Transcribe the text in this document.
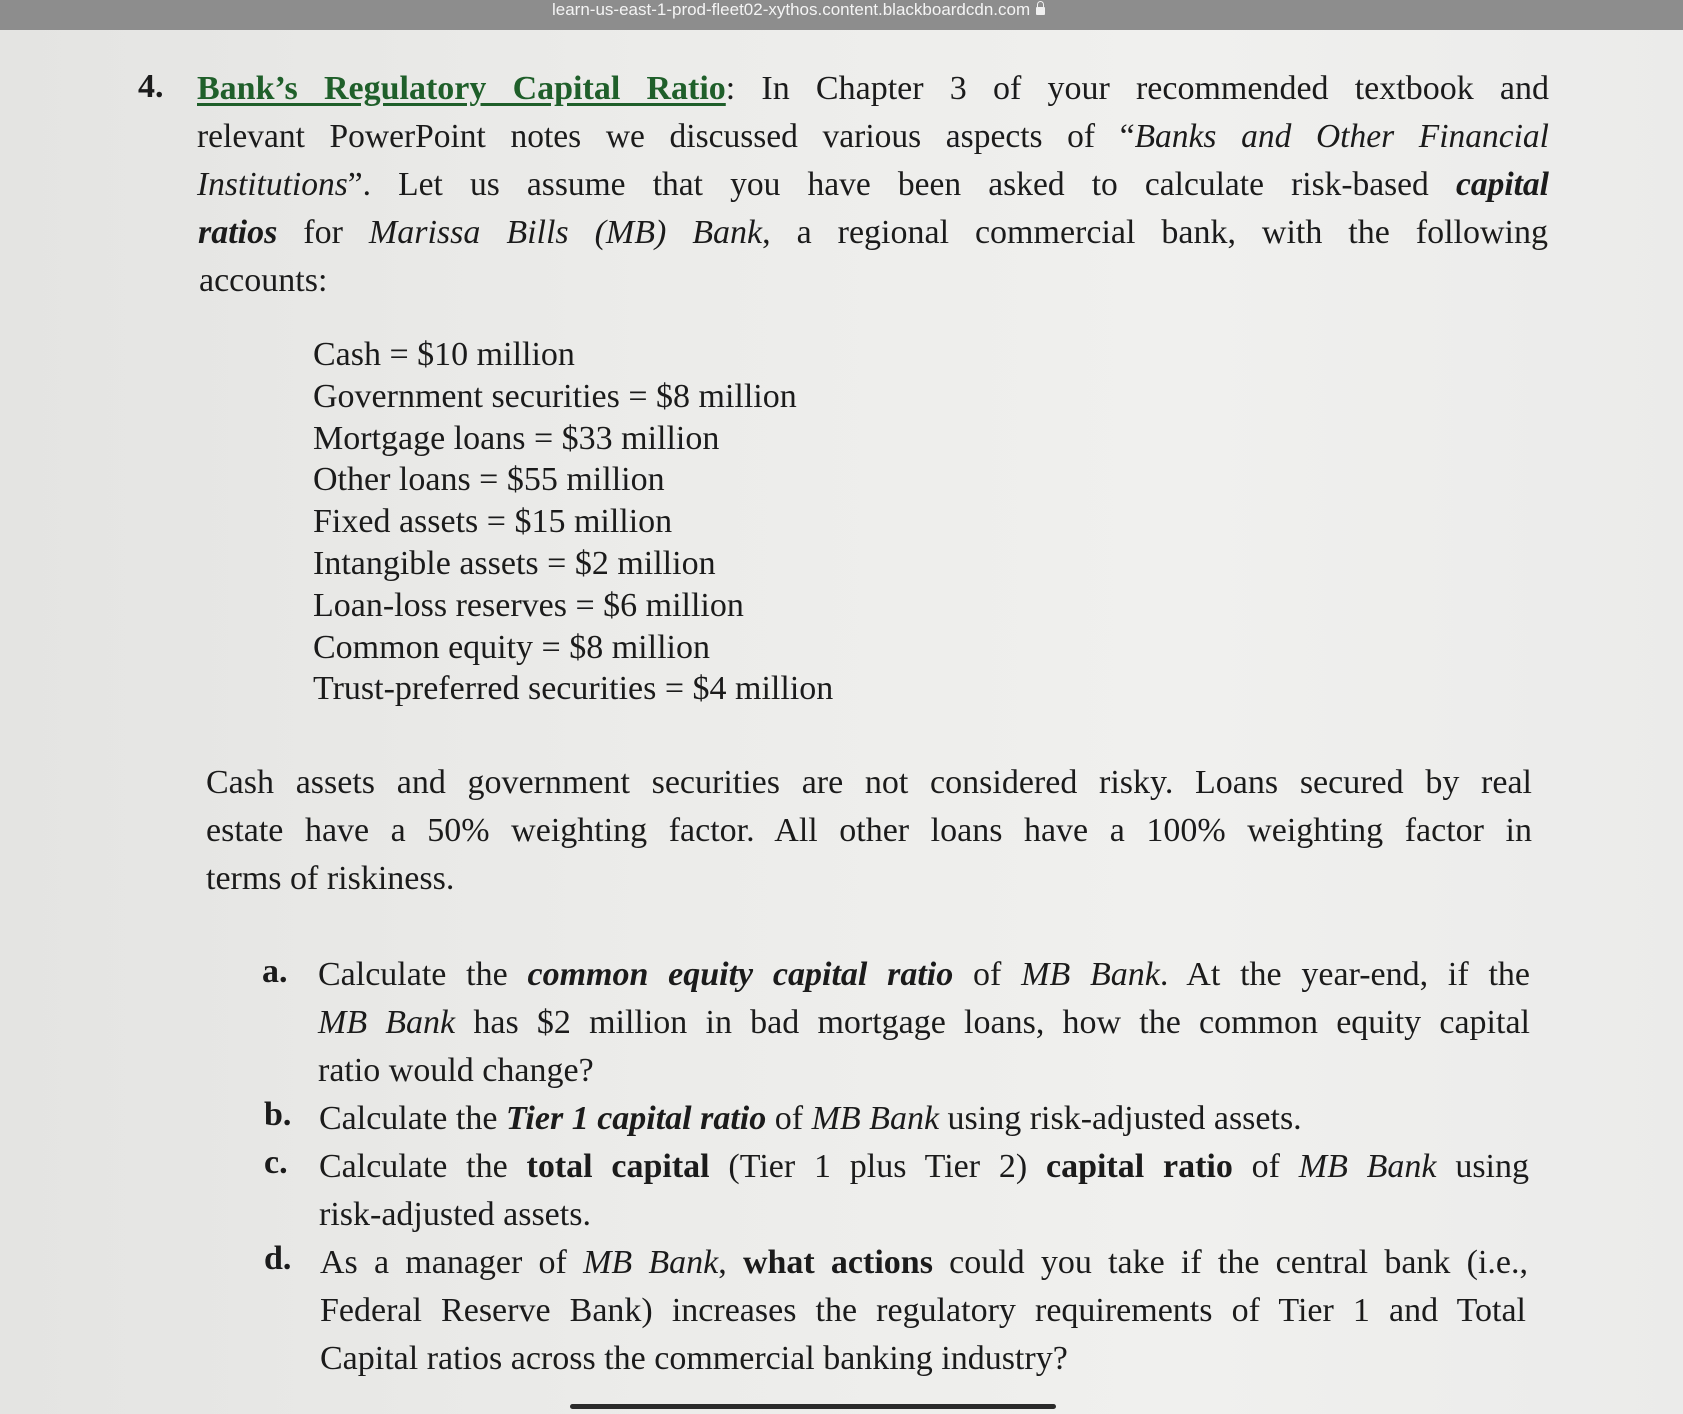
learn-us-east-1-prod-fleet02-xythos.content.blackboardcdn.com
4. Bank’s Regulatory Capital Ratio: In Chapter 3 of your recommended textbook and
relevant PowerPoint notes we discussed various aspects of “Banks and Other Financial
Institutions”. Let us assume that you have been asked to calculate risk-based capital
ratios for Marissa Bills (MB) Bank, a regional commercial bank, with the following
accounts:
Cash = $10 million
Government securities = $8 million
Mortgage loans = $33 million
Other loans = $55 million
Fixed assets = $15 million
Intangible assets = $2 million
Loan-loss reserves = $6 million
Common equity = $8 million
Trust-preferred securities = $4 million
Cash assets and government securities are not considered risky. Loans secured by real
estate have a 50% weighting factor. All other loans have a 100% weighting factor in
terms of riskiness.
a. Calculate the common equity capital ratio of MB Bank. At the year-end, if the
MB Bank has $2 million in bad mortgage loans, how the common equity capital
ratio would change?
b. Calculate the Tier 1 capital ratio of MB Bank using risk-adjusted assets.
c. Calculate the total capital (Tier 1 plus Tier 2) capital ratio of MB Bank using
risk-adjusted assets.
d. As a manager of MB Bank, what actions could you take if the central bank (i.e.,
Federal Reserve Bank) increases the regulatory requirements of Tier 1 and Total
Capital ratios across the commercial banking industry?
